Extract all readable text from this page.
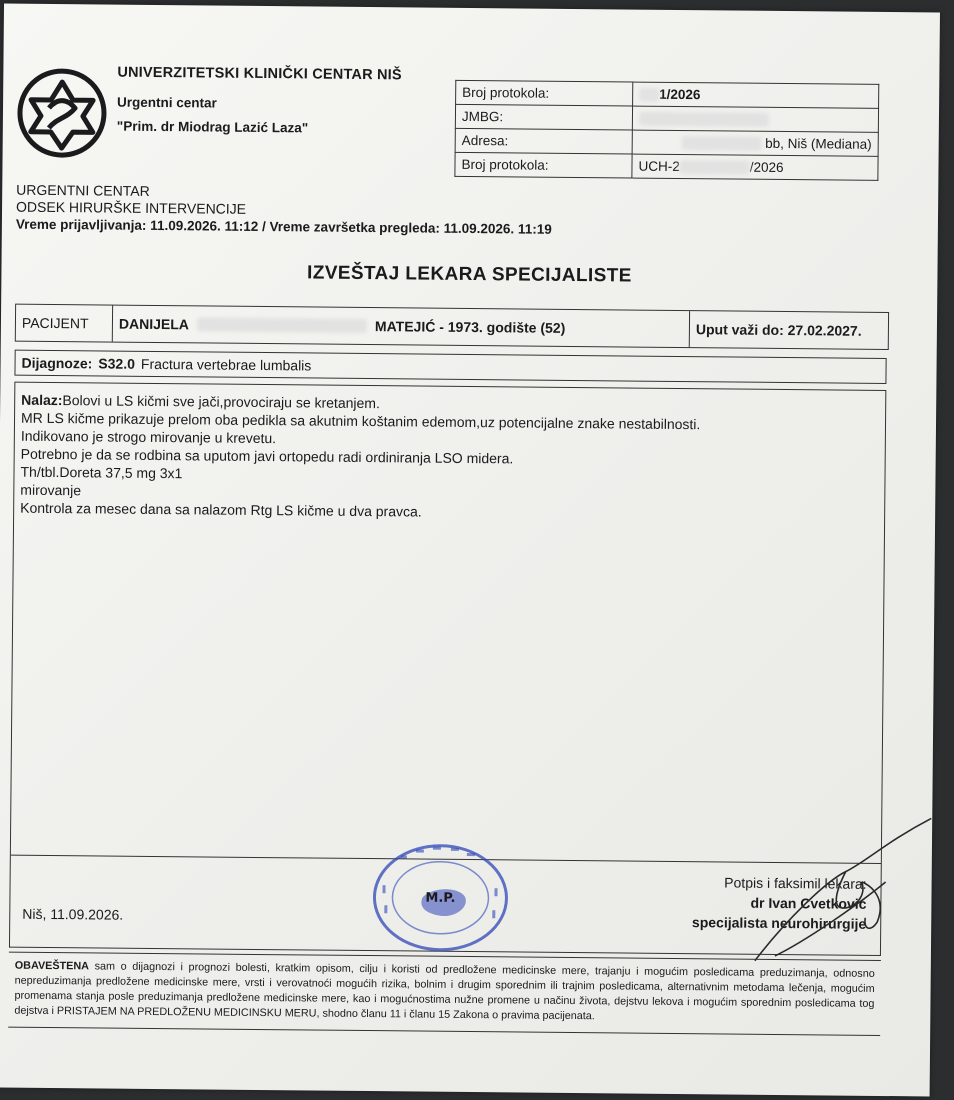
UNIVERZITETSKI KLINIČKI CENTAR NIŠ
Urgentni centar
"Prim. dr Miodrag Lazić Laza"
Broj protokola:	1/2026
JMBG:	
Adresa:	bb, Niš (Mediana)
Broj protokola:	UCH-2 /2026
URGENTNI CENTAR
ODSEK HIRURŠKE INTERVENCIJE
Vreme prijavljivanja: 11.09.2026. 11:12 / Vreme završetka pregleda: 11.09.2026. 11:19
IZVEŠTAJ LEKARA SPECIJALISTE
PACIJENT	DANIJELA	MATEJIĆ - 1973. godište (52)	Uput važi do: 27.02.2027.
Dijagnoze: S32.0 Fractura vertebrae lumbalis
Nalaz:Bolovi u LS kičmi sve jači,provociraju se kretanjem.
MR LS kičme prikazuje prelom oba pedikla sa akutnim koštanim edemom,uz potencijalne znake nestabilnosti.
Indikovano je strogo mirovanje u krevetu.
Potrebno je da se rodbina sa uputom javi ortopedu radi ordiniranja LSO midera.
Th/tbl.Doreta 37,5 mg 3x1
mirovanje
Kontrola za mesec dana sa nalazom Rtg LS kičme u dva pravca.
Niš, 11.09.2026.
M.P.
Potpis i faksimil lekara:
dr Ivan Cvetković
specijalista neurohirurgije
OBAVEŠTENA sam o dijagnozi i prognozi bolesti, kratkim opisom, cilju i koristi od predložene medicinske mere, trajanju i mogućim posledicama preduzimanja, odnosno nepreduzimanja predložene medicinske mere, vrsti i verovatnoći mogućih rizika, bolnim i drugim sporednim ili trajnim posledicama, alternativnim metodama lečenja, mogućim promenama stanja posle preduzimanja predložene medicinske mere, kao i mogućnostima nužne promene u načinu života, dejstvu lekova i mogućim sporednim posledicama tog dejstva i PRISTAJEM NA PREDLOŽENU MEDICINSKU MERU, shodno članu 11 i članu 15 Zakona o pravima pacijenata.
